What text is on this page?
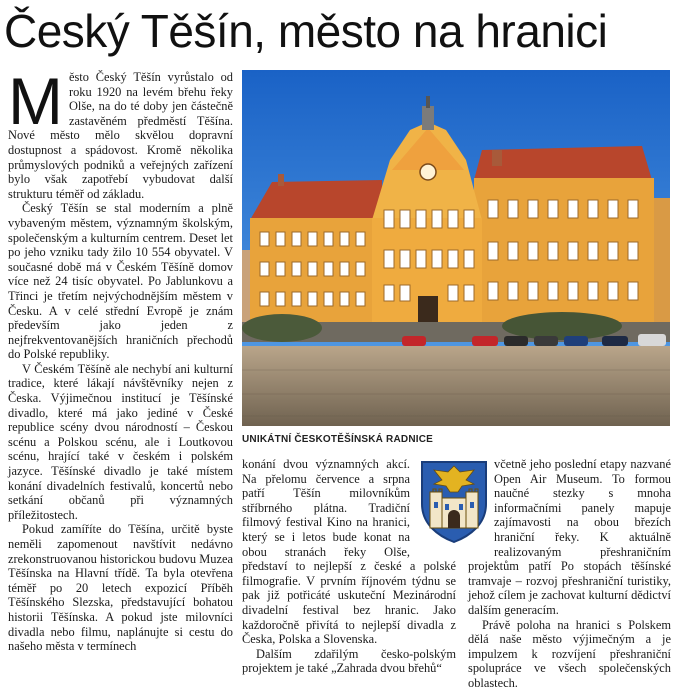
Český Těšín, město na hranici

Město Český Těšín vyrůstalo od roku 1920 na levém břehu řeky Olše, na do té doby jen částečně zastavěném předměstí Těšína. Nové město mělo skvělou dopravní dostupnost a spádovost. Kromě několika průmyslových podniků a veřejných zařízení bylo však zapotřebí vybudovat další strukturu téměř od základu.

Český Těšín se stal moderním a plně vybaveným městem, významným školským, společenským a kulturním centrem. Deset let po jeho vzniku tady žilo 10 554 obyvatel. V současné době má v Českém Těšíně domov více než 24 tisíc obyvatel. Po Jablunkovu a Třinci je třetím nejvýchodnějším městem v Česku. A v celé střední Evropě je znám především jako jeden z nejfrekventovanějších hraničních přechodů do Polské republiky.

V Českém Těšíně ale nechybí ani kulturní tradice, které lákají návštěvníky nejen z Česka. Výjimečnou institucí je Těšínské divadlo, které má jako jediné v České republice scény dvou národností – Českou scénu a Polskou scénu, ale i Loutkovou scénu, hrající také v českém i polském jazyce. Těšínské divadlo je také místem konání divadelních festivalů, koncertů nebo setkání občanů při významných příležitostech.

Pokud zamíříte do Těšína, určitě byste neměli zapomenout navštívit nedávno zrekonstruovanou historickou budovu Muzea Těšínska na Hlavní třídě. Ta byla otevřena téměř po 20 letech expozicí Příběh Těšínského Slezska, představující bohatou historii Těšínska. A pokud jste milovníci divadla nebo filmu, naplánujte si cestu do našeho města v termínech

UNIKÁTNÍ ČESKOTĚŠÍNSKÁ RADNICE

konání dvou významných akcí. Na přelomu července a srpna patří Těšín milovníkům stříbrného plátna. Tradiční filmový festival Kino na hranici, který se i letos bude konat na obou stranách řeky Olše, představí to nejlepší z české a polské filmografie. V prvním říjnovém týdnu se pak již potřicáté uskuteční Mezinárodní divadelní festival bez hranic. Jako každoročně přivítá to nejlepší divadla z Česka, Polska a Slovenska.

Dalším zdařilým česko-polským projektem je také „Zahrada dvou břehů“

včetně jeho poslední etapy nazvané Open Air Museum. To formou naučné stezky s mnoha informačními panely mapuje zajímavosti na obou březích hraniční řeky. K aktuálně realizovaným přeshraničním projektům patří Po stopách těšínské tramvaje – rozvoj přeshraniční turistiky, jehož cílem je zachovat kulturní dědictví dalším generacím.

Právě poloha na hranici s Polskem dělá naše město výjimečným a je impulzem k rozvíjení přeshraniční spolupráce ve všech společenských oblastech.
